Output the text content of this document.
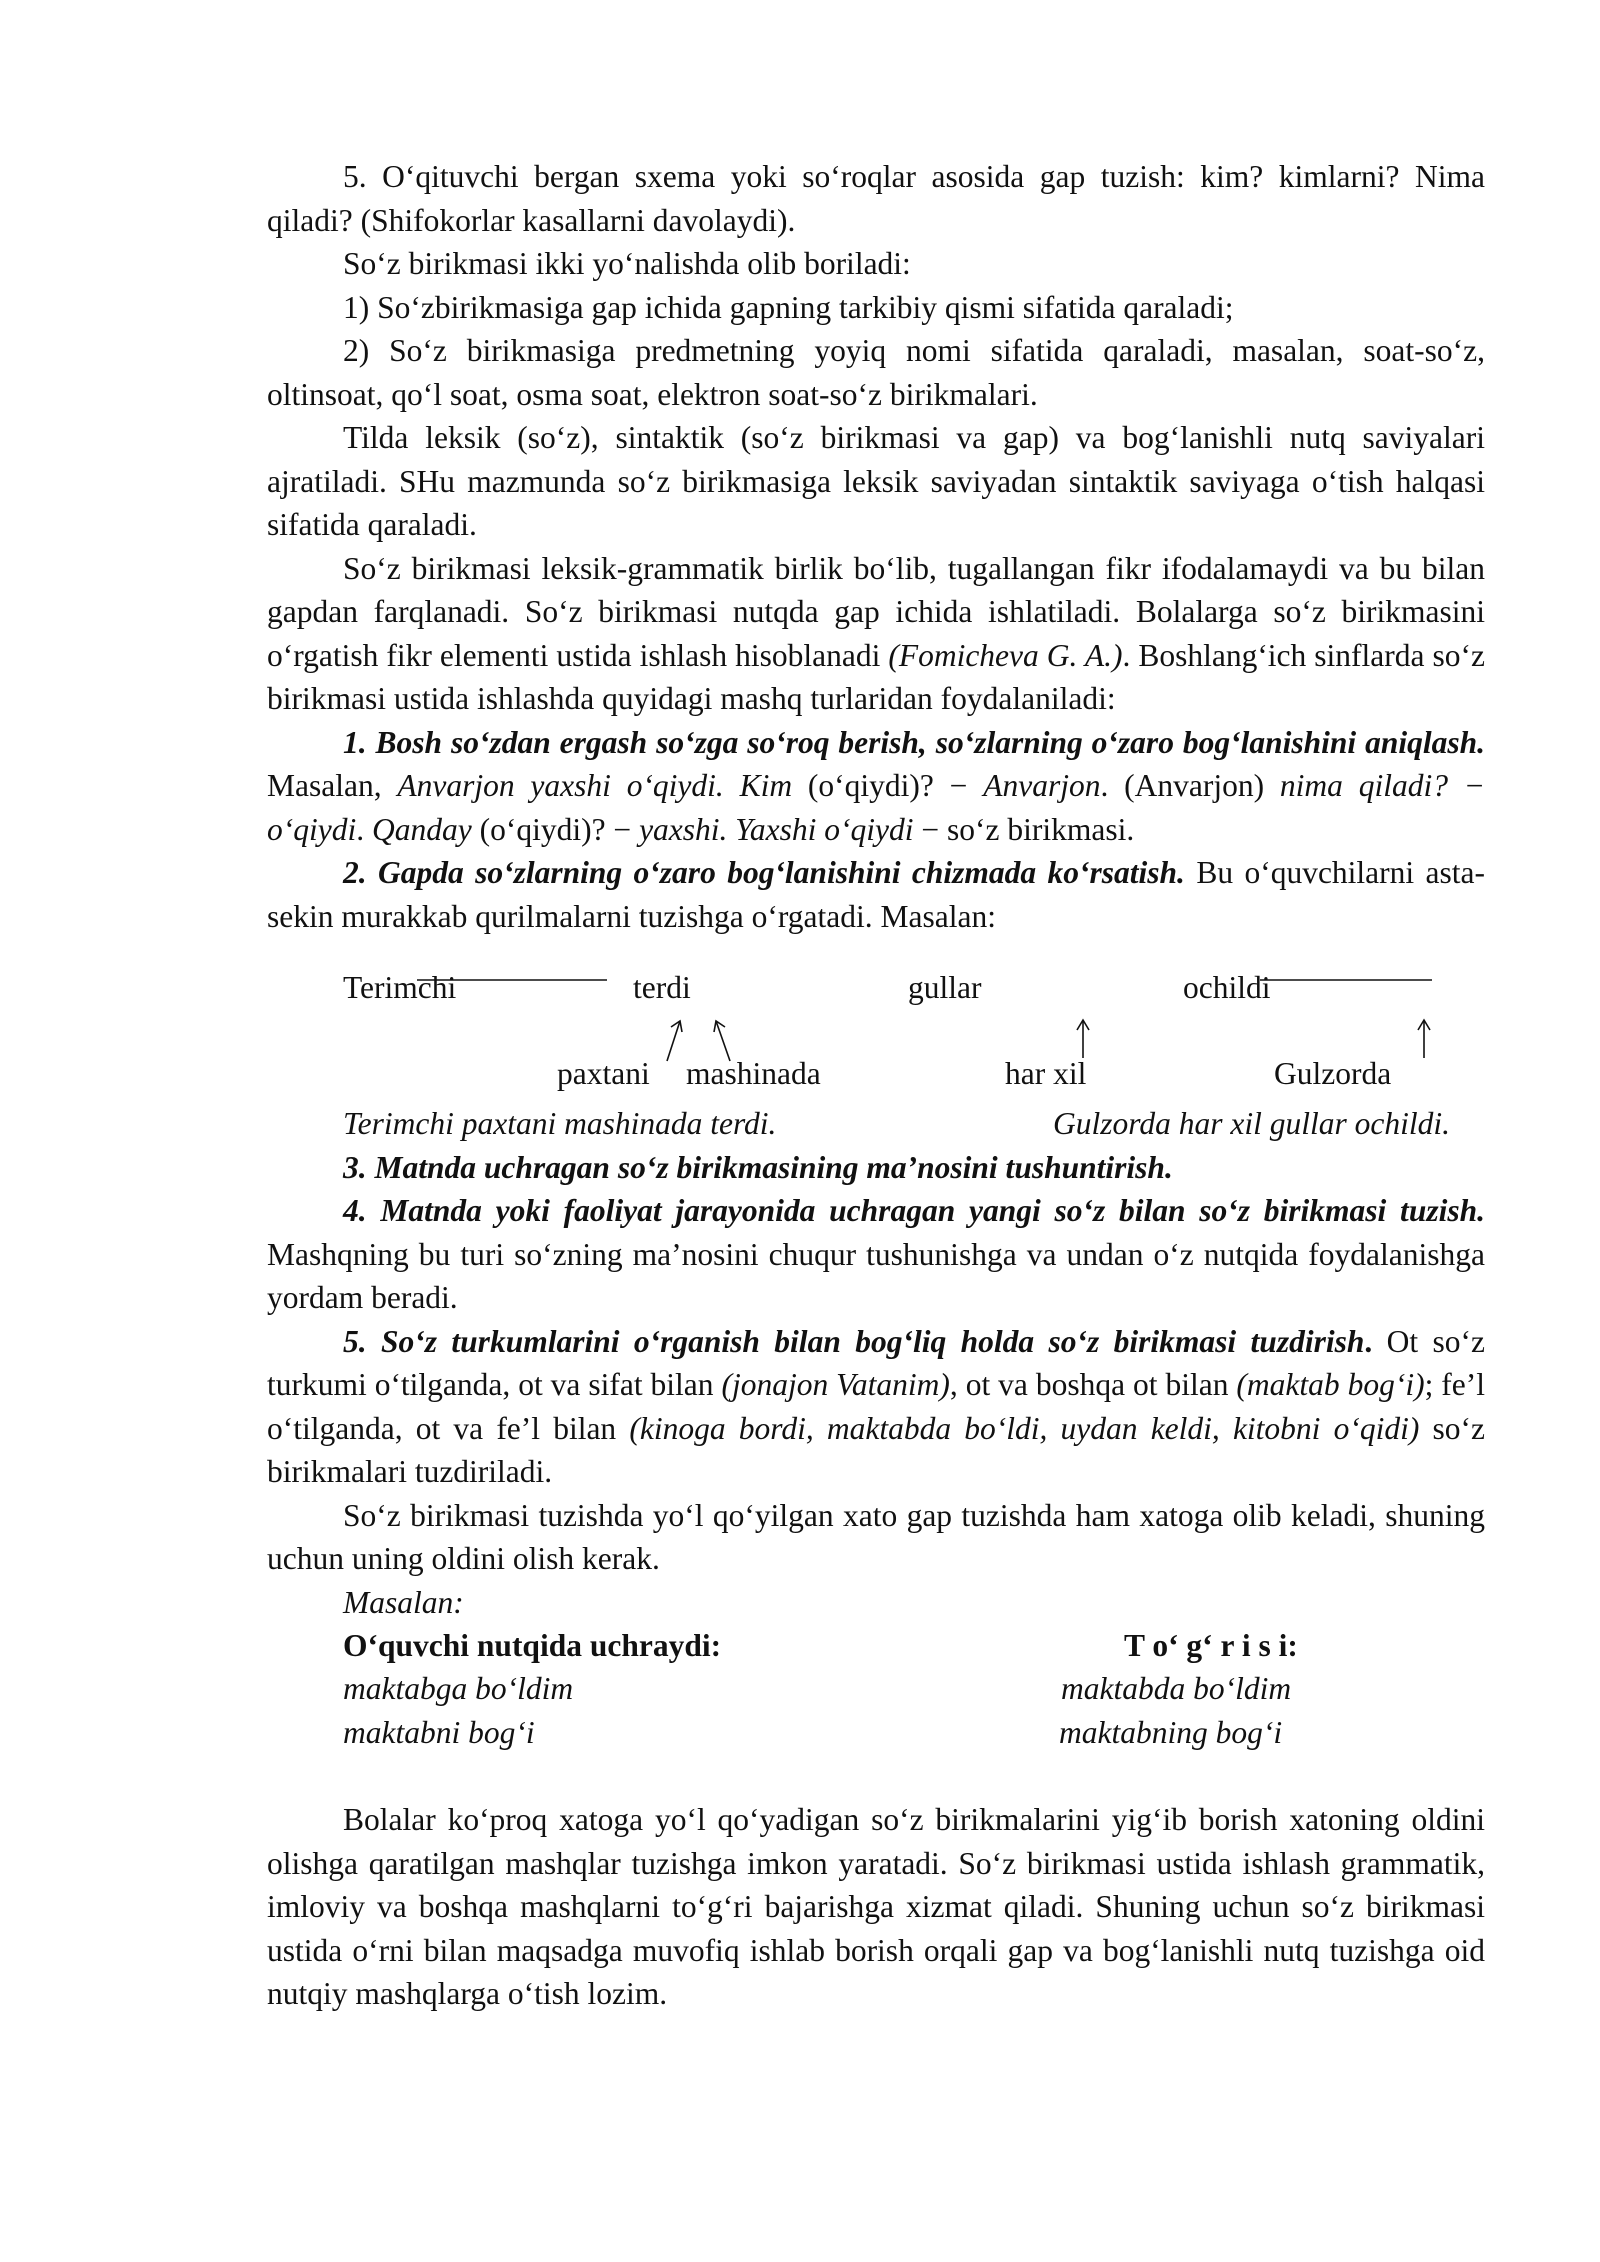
5. O‘qituvchi bergan sxema yoki so‘roqlar asosida gap tuzish: kim? kimlarni? Nima qiladi? (Shifokorlar kasallarni davolaydi).

So‘z birikmasi ikki yo‘nalishda olib boriladi:

1) So‘zbirikmasiga gap ichida gapning tarkibiy qismi sifatida qaraladi;

2) So‘z birikmasiga predmetning yoyiq nomi sifatida qaraladi, masalan, soat-so‘z, oltinsoat, qo‘l soat, osma soat, elektron soat-so‘z birikmalari.

Tilda leksik (so‘z), sintaktik (so‘z birikmasi va gap) va bog‘lanishli nutq saviyalari ajratiladi. SHu mazmunda so‘z birikmasiga leksik saviyadan sintaktik saviyaga o‘tish halqasi sifatida qaraladi.

So‘z birikmasi leksik-grammatik birlik bo‘lib, tugallangan fikr ifodalamaydi va bu bilan gapdan farqlanadi. So‘z birikmasi nutqda gap ichida ishlatiladi. Bolalarga so‘z birikmasini o‘rgatish fikr elementi ustida ishlash hisoblanadi (Fomicheva G. A.). Boshlang‘ich sinflarda so‘z birikmasi ustida ishlashda quyidagi mashq turlaridan foydalaniladi:

1. Bosh so‘zdan ergash so‘zga so‘roq berish, so‘zlarning o‘zaro bog‘lanishini aniqlash. Masalan, Anvarjon yaxshi o‘qiydi. Kim (o‘qiydi)? − Anvarjon. (Anvarjon) nima qiladi? − o‘qiydi. Qanday (o‘qiydi)? − yaxshi. Yaxshi o‘qiydi − so‘z birikmasi.

2. Gapda so‘zlarning o‘zaro bog‘lanishini chizmada ko‘rsatish. Bu o‘quvchilarni asta-sekin murakkab qurilmalarni tuzishga o‘rgatadi. Masalan:

Terimchi	terdi	gullar	ochildi
paxtani mashinada	har xil	Gulzorda
Terimchi paxtani mashinada terdi.	Gulzorda har xil gullar ochildi.

3. Matnda uchragan so‘z birikmasining ma’nosini tushuntirish.

4. Matnda yoki faoliyat jarayonida uchragan yangi so‘z bilan so‘z birikmasi tuzish. Mashqning bu turi so‘zning ma’nosini chuqur tushunishga va undan o‘z nutqida foydalanishga yordam beradi.

5. So‘z turkumlarini o‘rganish bilan bog‘liq holda so‘z birikmasi tuzdirish. Ot so‘z turkumi o‘tilganda, ot va sifat bilan (jonajon Vatanim), ot va boshqa ot bilan (maktab bog‘i); fe’l o‘tilganda, ot va fe’l bilan (kinoga bordi, maktabda bo‘ldi, uydan keldi, kitobni o‘qidi) so‘z birikmalari tuzdiriladi.

So‘z birikmasi tuzishda yo‘l qo‘yilgan xato gap tuzishda ham xatoga olib keladi, shuning uchun uning oldini olish kerak.

Masalan:

O‘quvchi nutqida uchraydi:	T o‘ g‘ r i s i:
maktabga bo‘ldim	maktabda bo‘ldim
maktabni bog‘i	maktabning bog‘i

Bolalar ko‘proq xatoga yo‘l qo‘yadigan so‘z birikmalarini yig‘ib borish xatoning oldini olishga qaratilgan mashqlar tuzishga imkon yaratadi. So‘z birikmasi ustida ishlash grammatik, imloviy va boshqa mashqlarni to‘g‘ri bajarishga xizmat qiladi. Shuning uchun so‘z birikmasi ustida o‘rni bilan maqsadga muvofiq ishlab borish orqali gap va bog‘lanishli nutq tuzishga oid nutqiy mashqlarga o‘tish lozim.
